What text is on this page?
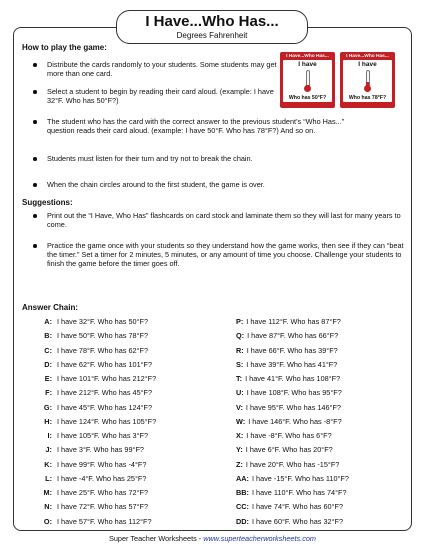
I Have...Who Has...
Degrees Fahrenheit
How to play the game:
Distribute the cards randomly to your students. Some students may get more than one card.
Select a student to begin by reading their card aloud. (example: I have 32°F. Who has 50°F?)
The student who has the card with the correct answer to the previous student’s “Who Has...” question reads their card aloud. (example: I have 50°F. Who has 78°F?) And so on.
Students must listen for their turn and try not to break the chain.
When the chain circles around to the first student, the game is over.
Suggestions:
Print out the “I Have, Who Has” flashcards on card stock and laminate them so they will last for many years to come.
Practice the game once with your students so they understand how the game works, then see if they can “beat the timer.” Set a timer for 2 minutes, 5 minutes, or any amount of time you choose. Challenge your students to finish the game before the timer goes off.
I Have...Who Has...
I have
Who has 50°F?
I Have...Who Has...
I have
Who has 78°F?
Answer Chain:
A: I have 32°F. Who has 50°F?
B: I have 50°F. Who has 78°F?
C: I have 78°F. Who has 62°F?
D: I have 62°F. Who has 101°F?
E: I have 101°F. Who has 212°F?
F: I have 212°F. Who has 45°F?
G: I have 45°F. Who has 124°F?
H: I have 124°F. Who has 105°F?
I: I have 105°F. Who has 3°F?
J: I have 3°F. Who has 99°F?
K: I have 99°F. Who has -4°F?
L: I have -4°F. Who has 25°F?
M: I have 25°F. Who has 72°F?
N: I have 72°F. Who has 57°F?
O: I have 57°F. Who has 112°F?
P: I have 112°F. Who has 87°F?
Q: I have 87°F. Who has 66°F?
R: I have 66°F. Who has 39°F?
S: I have 39°F. Who has 41°F?
T: I have 41°F. Who has 108°F?
U: I have 108°F. Who has 95°F?
V: I have 95°F. Who has 146°F?
W: I have 146°F. Who has -8°F?
X: I have -8°F. Who has 6°F?
Y: I have 6°F. Who has 20°F?
Z: I have 20°F. Who has -15°F?
AA: I have -15°F. Who has 110°F?
BB: I have 110°F. Who has 74°F?
CC: I have 74°F. Who has 60°F?
DD: I have 60°F. Who has 32°F?
Super Teacher Worksheets - www.superteacherworksheets.com
